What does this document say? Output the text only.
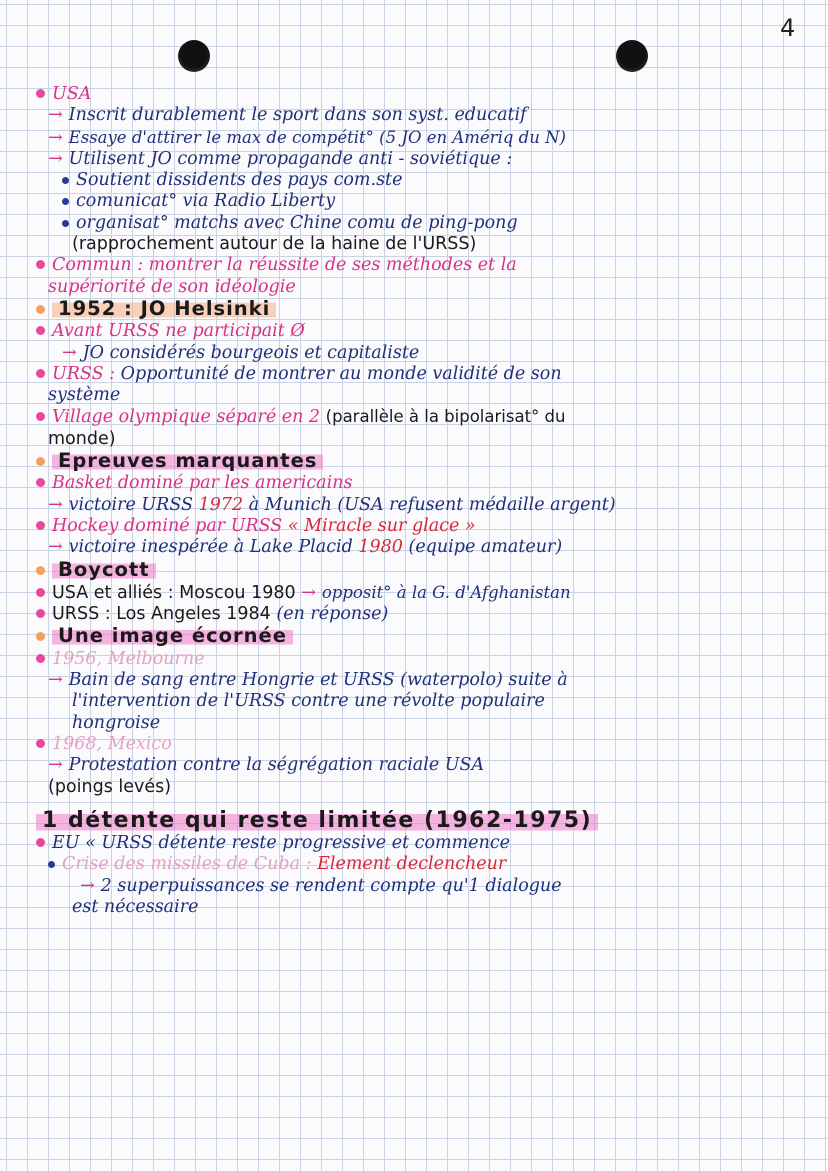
4
USA
→ Inscrit durablement le sport dans son syst. educatif
→ Essaye d'attirer le max de compétit° (5 JO en Amériq du N)
→ Utilisent JO comme propagande anti - soviétique :
Soutient dissidents des pays com.ste
comunicat° via Radio Liberty
organisat° matchs avec Chine comu de ping-pong
(rapprochement autour de la haine de l'URSS)
Commun : montrer la réussite de ses méthodes et la
supériorité de son idéologie
1952 : JO Helsinki
Avant URSS ne participait Ø
→ JO considérés bourgeois et capitaliste
URSS : Opportunité de montrer au monde validité de son
système
Village olympique séparé en 2 (parallèle à la bipolarisat° du
monde)
Epreuves marquantes
Basket dominé par les americains
→ victoire URSS 1972 à Munich (USA refusent médaille argent)
Hockey dominé par URSS « Miracle sur glace »
→ victoire inespérée à Lake Placid 1980 (equipe amateur)
Boycott
USA et alliés : Moscou 1980 → opposit° à la G. d'Afghanistan
URSS : Los Angeles 1984 (en réponse)
Une image écornée
1956, Melbourne
→ Bain de sang entre Hongrie et URSS (waterpolo) suite à
l'intervention de l'URSS contre une révolte populaire
hongroise
1968, Mexico
→ Protestation contre la ségrégation raciale USA
(poings levés)
1 détente qui reste limitée (1962-1975)
EU « URSS détente reste progressive et commence
Crise des missiles de Cuba : Element declencheur
→ 2 superpuissances se rendent compte qu'1 dialogue
est nécessaire
